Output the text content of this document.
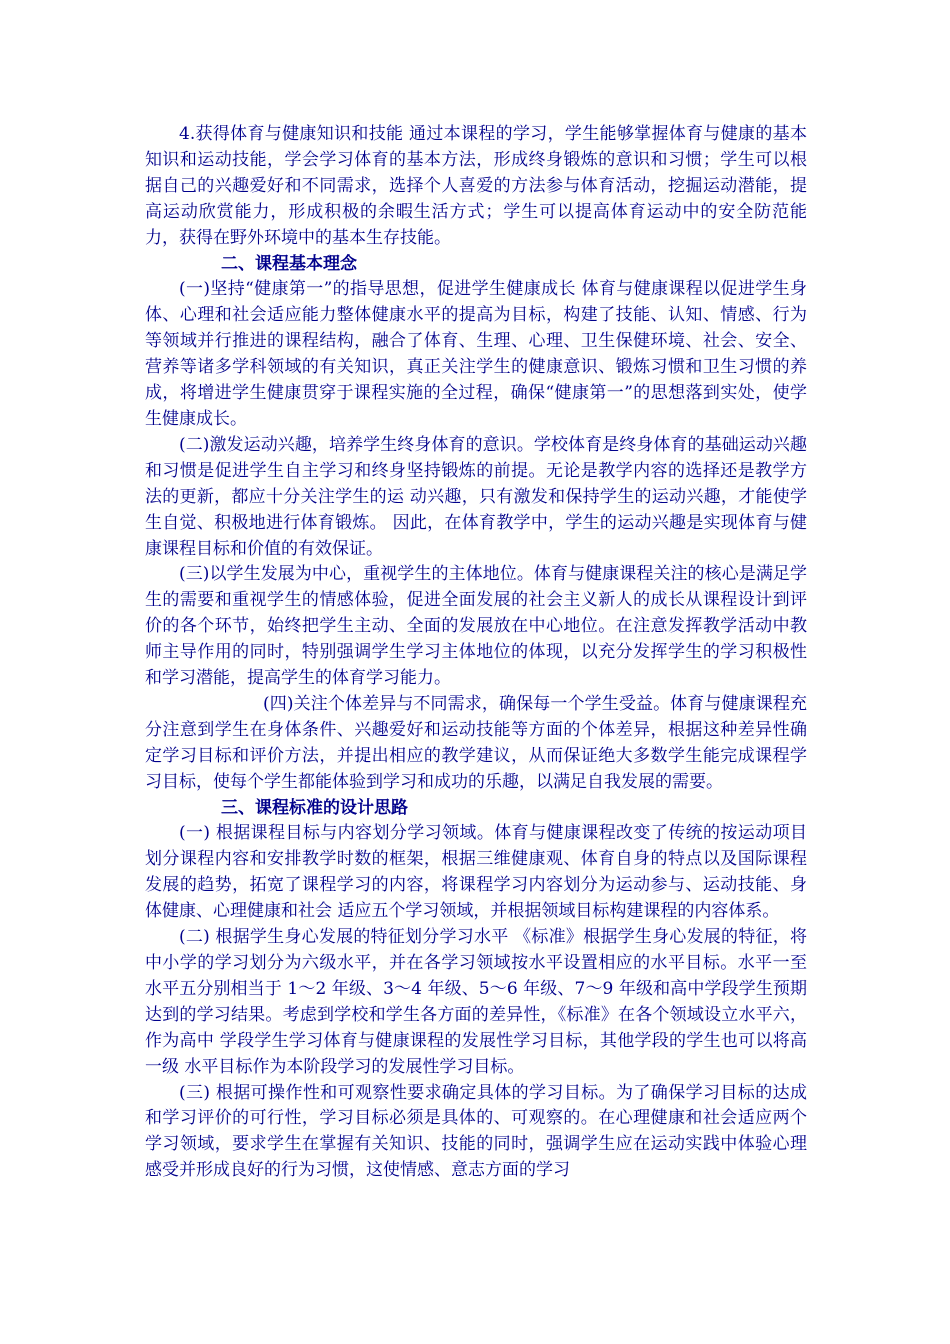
4.获得体育与健康知识和技能 通过本课程的学习，学生能够掌握体育与健康的基本知识和运动技能，学会学习体育的基本方法，形成终身锻炼的意识和习惯；学生可以根据自己的兴趣爱好和不同需求，选择个人喜爱的方法参与体育活动，挖掘运动潜能，提高运动欣赏能力，形成积极的余暇生活方式；学生可以提高体育运动中的安全防范能力，获得在野外环境中的基本生存技能。

二、课程基本理念

(一)坚持“健康第一”的指导思想，促进学生健康成长 体育与健康课程以促进学生身体、心理和社会适应能力整体健康水平的提高为目标，构建了技能、认知、情感、行为等领域并行推进的课程结构，融合了体育、生理、心理、卫生保健环境、社会、安全、营养等诸多学科领域的有关知识，真正关注学生的健康意识、锻炼习惯和卫生习惯的养成，将增进学生健康贯穿于课程实施的全过程，确保“健康第一”的思想落到实处，使学生健康成长。

(二)激发运动兴趣，培养学生终身体育的意识。学校体育是终身体育的基础运动兴趣和习惯是促进学生自主学习和终身坚持锻炼的前提。无论是教学内容的选择还是教学方法的更新，都应十分关注学生的运 动兴趣，只有激发和保持学生的运动兴趣，才能使学生自觉、积极地进行体育锻炼。 因此，在体育教学中，学生的运动兴趣是实现体育与健康课程目标和价值的有效保证。

(三)以学生发展为中心，重视学生的主体地位。体育与健康课程关注的核心是满足学生的需要和重视学生的情感体验，促进全面发展的社会主义新人的成长从课程设计到评价的各个环节，始终把学生主动、全面的发展放在中心地位。在注意发挥教学活动中教师主导作用的同时，特别强调学生学习主体地位的体现，以充分发挥学生的学习积极性和学习潜能，提高学生的体育学习能力。

(四)关注个体差异与不同需求，确保每一个学生受益。体育与健康课程充分注意到学生在身体条件、兴趣爱好和运动技能等方面的个体差异，根据这种差异性确定学习目标和评价方法，并提出相应的教学建议，从而保证绝大多数学生能完成课程学习目标，使每个学生都能体验到学习和成功的乐趣，以满足自我发展的需要。

三、课程标准的设计思路

(一) 根据课程目标与内容划分学习领域。体育与健康课程改变了传统的按运动项目划分课程内容和安排教学时数的框架，根据三维健康观、体育自身的特点以及国际课程发展的趋势，拓宽了课程学习的内容，将课程学习内容划分为运动参与、运动技能、身体健康、心理健康和社会 适应五个学习领域，并根据领域目标构建课程的内容体系。

(二) 根据学生身心发展的特征划分学习水平 《标准》根据学生身心发展的特征，将中小学的学习划分为六级水平，并在各学习领域按水平设置相应的水平目标。水平一至水平五分别相当于 1～2 年级、3～4 年级、5～6 年级、7～9 年级和高中学段学生预期达到的学习结果。考虑到学校和学生各方面的差异性，《标准》在各个领域设立水平六，作为高中 学段学生学习体育与健康课程的发展性学习目标，其他学段的学生也可以将高一级 水平目标作为本阶段学习的发展性学习目标。

(三) 根据可操作性和可观察性要求确定具体的学习目标。为了确保学习目标的达成和学习评价的可行性，学习目标必须是具体的、可观察的。在心理健康和社会适应两个学习领域，要求学生在掌握有关知识、技能的同时，强调学生应在运动实践中体验心理感受并形成良好的行为习惯，这使情感、意志方面的学习
